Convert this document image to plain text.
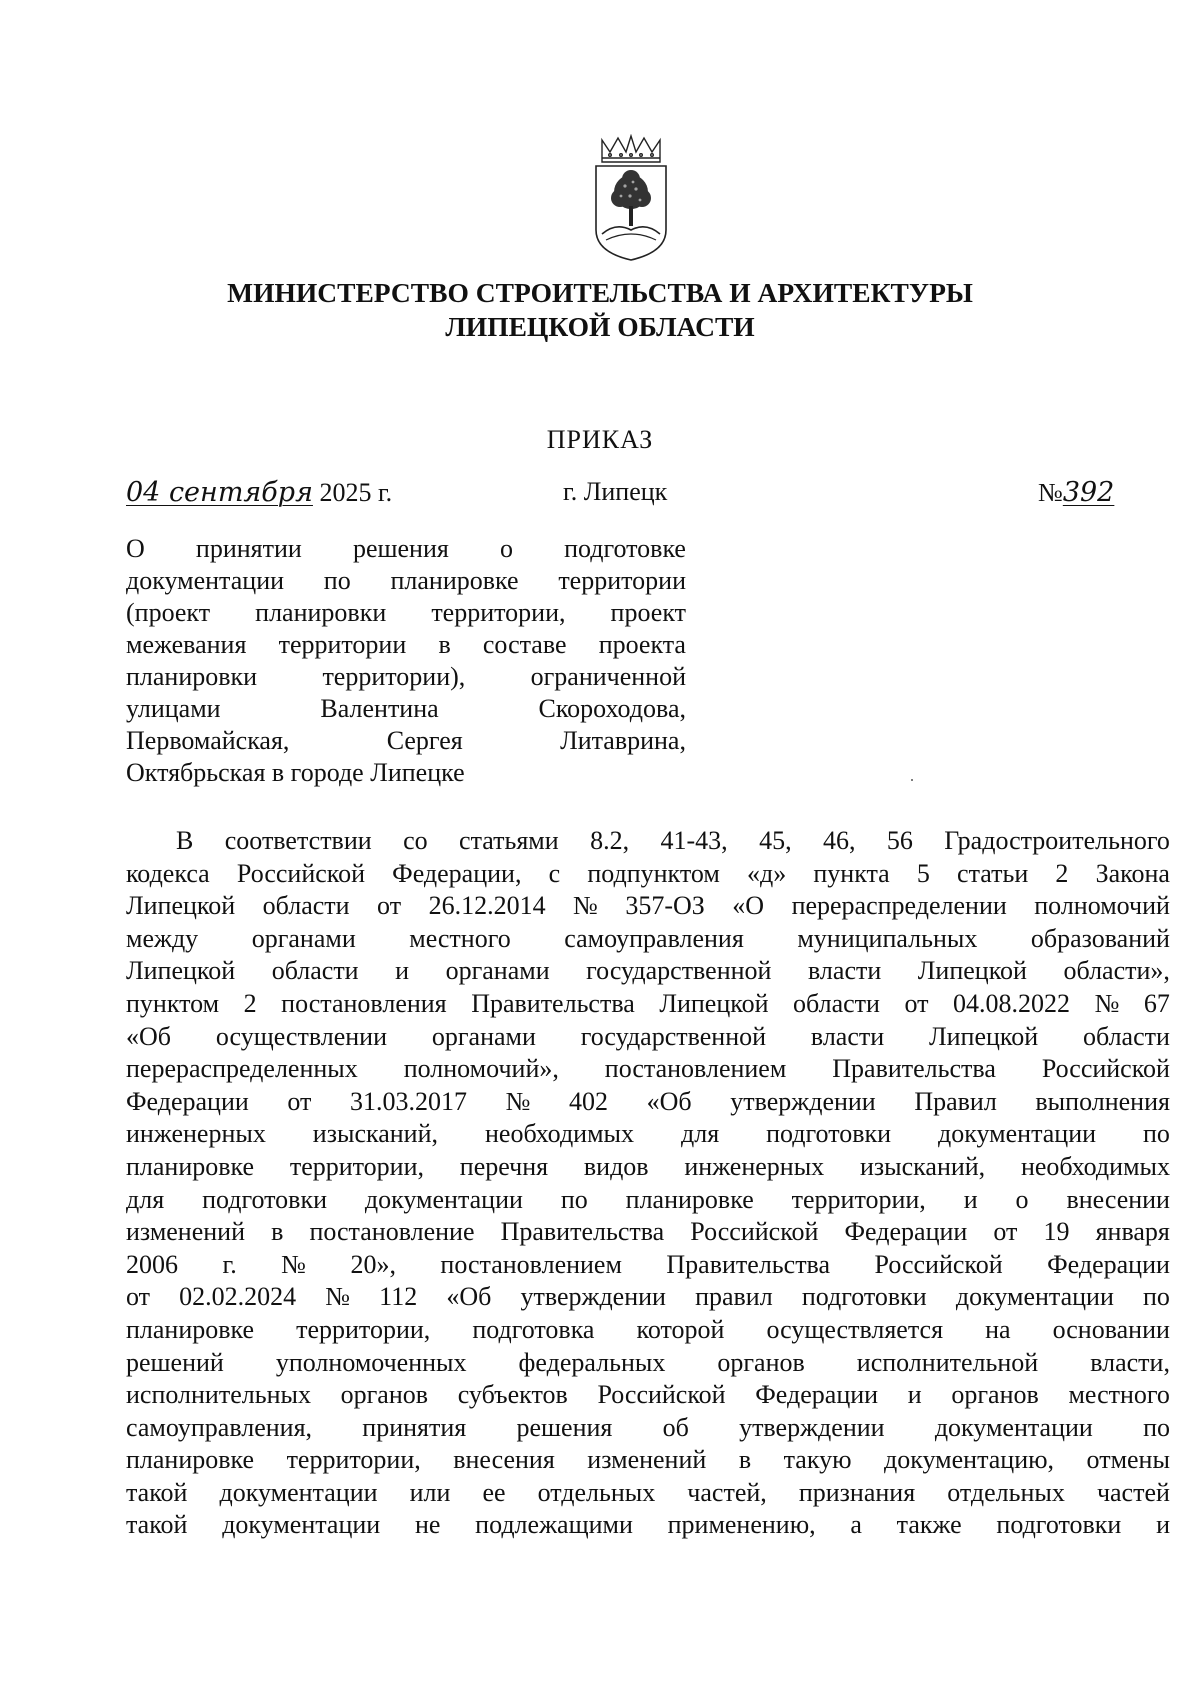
МИНИСТЕРСТВО СТРОИТЕЛЬСТВА И АРХИТЕКТУРЫ
ЛИПЕЦКОЙ ОБЛАСТИ
ПРИКАЗ
04 сентября 2025 г.	г. Липецк	№392
О принятии решения о подготовке
документации по планировке территории
(проект планировки территории, проект
межевания территории в составе проекта
планировки	территории),	ограниченной
улицами	Валентина	Скороходова,
Первомайская,	Сергея	Литаврина,
Октябрьская в городе Липецке
В соответствии со статьями 8.2, 41-43, 45, 46, 56 Градостроительного
кодекса Российской Федерации, с подпунктом «д» пункта 5 статьи 2 Закона
Липецкой области от 26.12.2014 № 357-ОЗ «О перераспределении полномочий
между органами местного самоуправления муниципальных образований
Липецкой области и органами государственной власти Липецкой области»,
пунктом 2 постановления Правительства Липецкой области от 04.08.2022 № 67
«Об осуществлении органами государственной власти Липецкой области
перераспределенных полномочий», постановлением Правительства Российской
Федерации от 31.03.2017 № 402 «Об утверждении Правил выполнения
инженерных изысканий, необходимых для подготовки документации по
планировке территории, перечня видов инженерных изысканий, необходимых
для подготовки документации по планировке территории, и о внесении
изменений в постановление Правительства Российской Федерации от 19 января
2006 г. № 20», постановлением Правительства Российской Федерации
от 02.02.2024 № 112 «Об утверждении правил подготовки документации по
планировке территории, подготовка которой осуществляется на основании
решений уполномоченных федеральных органов исполнительной власти,
исполнительных органов субъектов Российской Федерации и органов местного
самоуправления, принятия решения об утверждении документации по
планировке территории, внесения изменений в такую документацию, отмены
такой документации или ее отдельных частей, признания отдельных частей
такой документации не подлежащими применению, а также подготовки и
